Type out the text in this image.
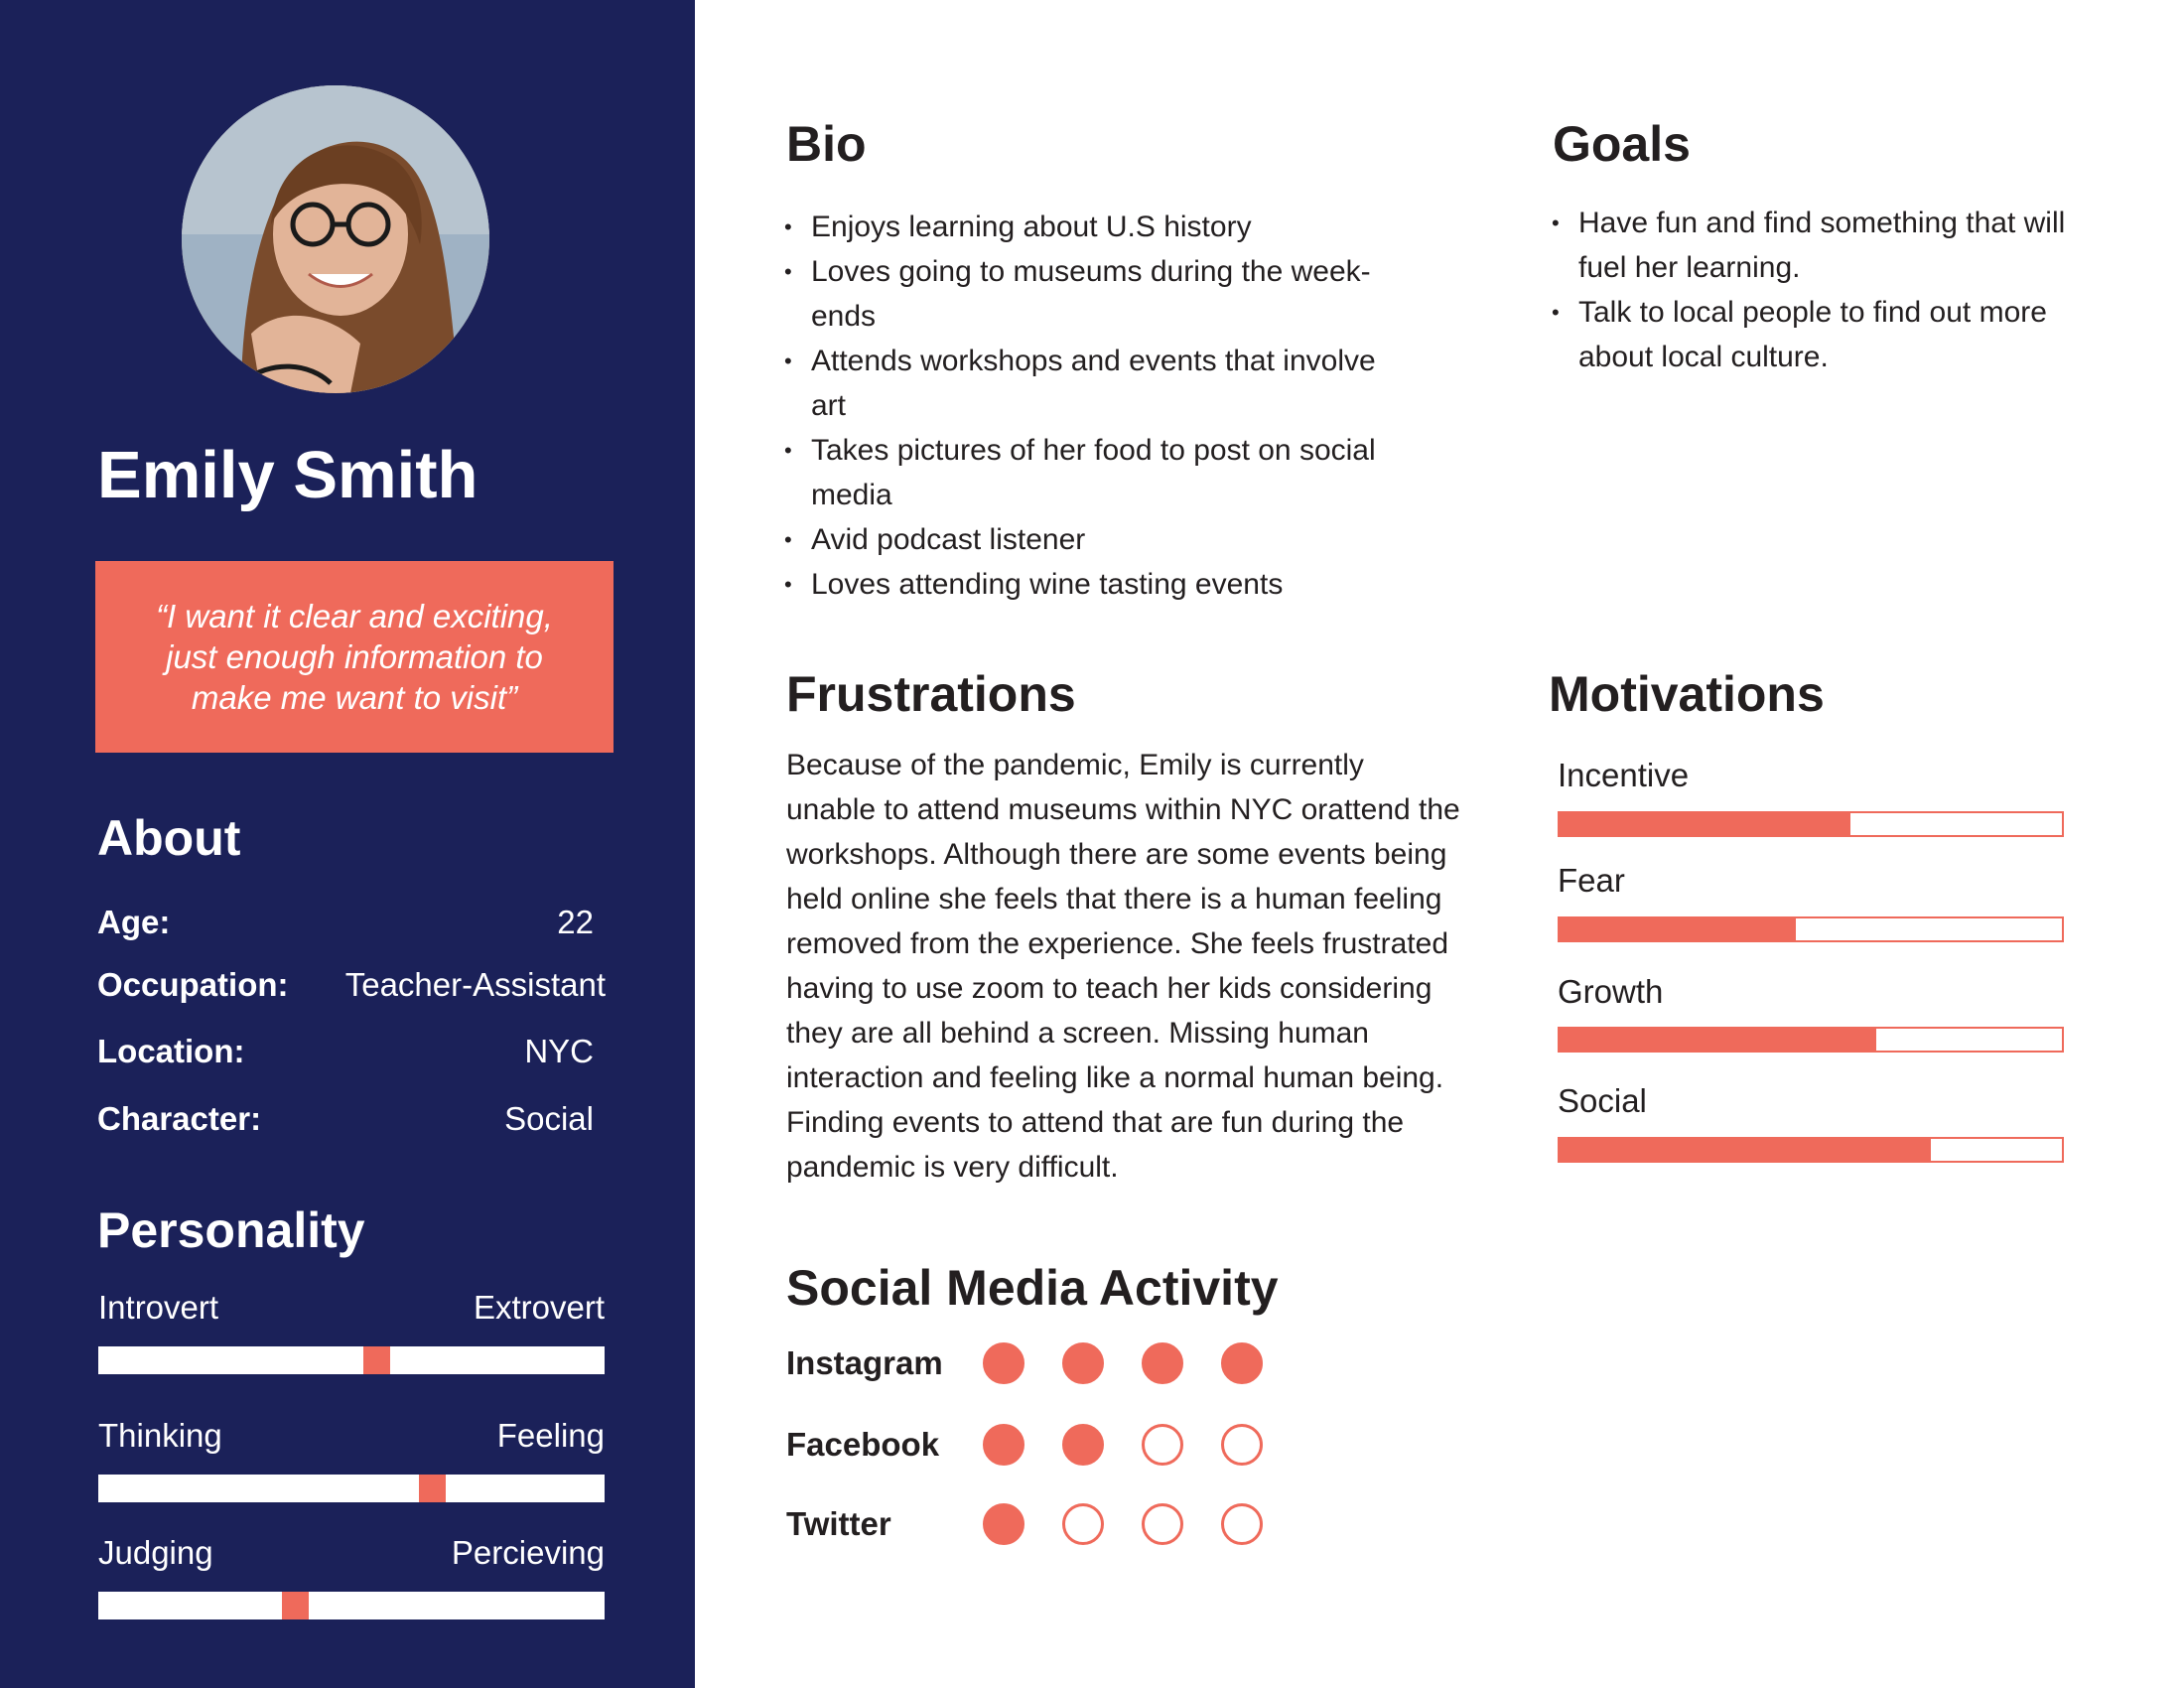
Emily Smith

“I want it clear and exciting, just enough information to make me want to visit”

About
Age:	22
Occupation: Teacher-Assistant
Location:	NYC
Character:	Social
Personality
Introvert	Extrovert
Thinking	Feeling
Judging	Percieving
Bio
• Enjoys learning about U.S history
• Loves going to museums during the week-ends
• Attends workshops and events that involve art
• Takes pictures of her food to post on social media
• Avid podcast listener
• Loves attending wine tasting events
Goals
• Have fun and find something that will fuel her learning.
• Talk to local people to find out more about local culture.
Frustrations

Because of the pandemic, Emily is currently unable to attend museums within NYC orattend the workshops. Although there are some events being held online she feels that there is a human feeling removed from the experience. She feels frustrated having to use zoom to teach her kids considering they are all behind a screen. Missing human interaction and feeling like a normal human being. Finding events to attend that are fun during the pandemic is very difficult.

Motivations
Incentive
Fear
Growth
Social
Social Media Activity
Instagram
Facebook
Twitter
